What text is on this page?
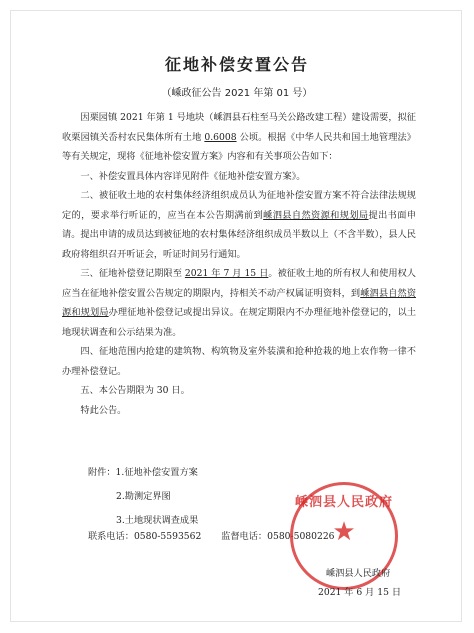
征地补偿安置公告
（嵊政征公告 2021 年第 01 号）

因栗园镇 2021 年第 1 号地块（嵊泗县石柱至马关公路改建工程）建设需要，拟征收栗园镇关岙村农民集体所有土地 0.6008 公顷。根据《中华人民共和国土地管理法》等有关规定，现将《征地补偿安置方案》内容和有关事项公告如下：

一、补偿安置具体内容详见附件《征地补偿安置方案》。

二、被征收土地的农村集体经济组织成员认为征地补偿安置方案不符合法律法规规定的，要求举行听证的，应当在本公告期满前到嵊泗县自然资源和规划局提出书面申请。提出申请的成员达到被征地的农村集体经济组织成员半数以上（不含半数），县人民政府将组织召开听证会，听证时间另行通知。

三、征地补偿登记期限至 2021 年 7 月 15 日。被征收土地的所有权人和使用权人应当在征地补偿安置公告规定的期限内，持相关不动产权属证明资料，到嵊泗县自然资源和规划局办理征地补偿登记或提出异议。在规定期限内不办理征地补偿登记的，以土地现状调查和公示结果为准。

四、征地范围内抢建的建筑物、构筑物及室外装潢和抢种抢栽的地上农作物一律不办理补偿登记。

五、本公告期限为 30 日。

特此公告。

附件：1.征地补偿安置方案
2.勘测定界图
3.土地现状调查成果
联系电话：0580-5593562 监督电话：0580-5080226
嵊泗县人民政府
★
嵊泗县人民政府
2021 年 6 月 15 日
